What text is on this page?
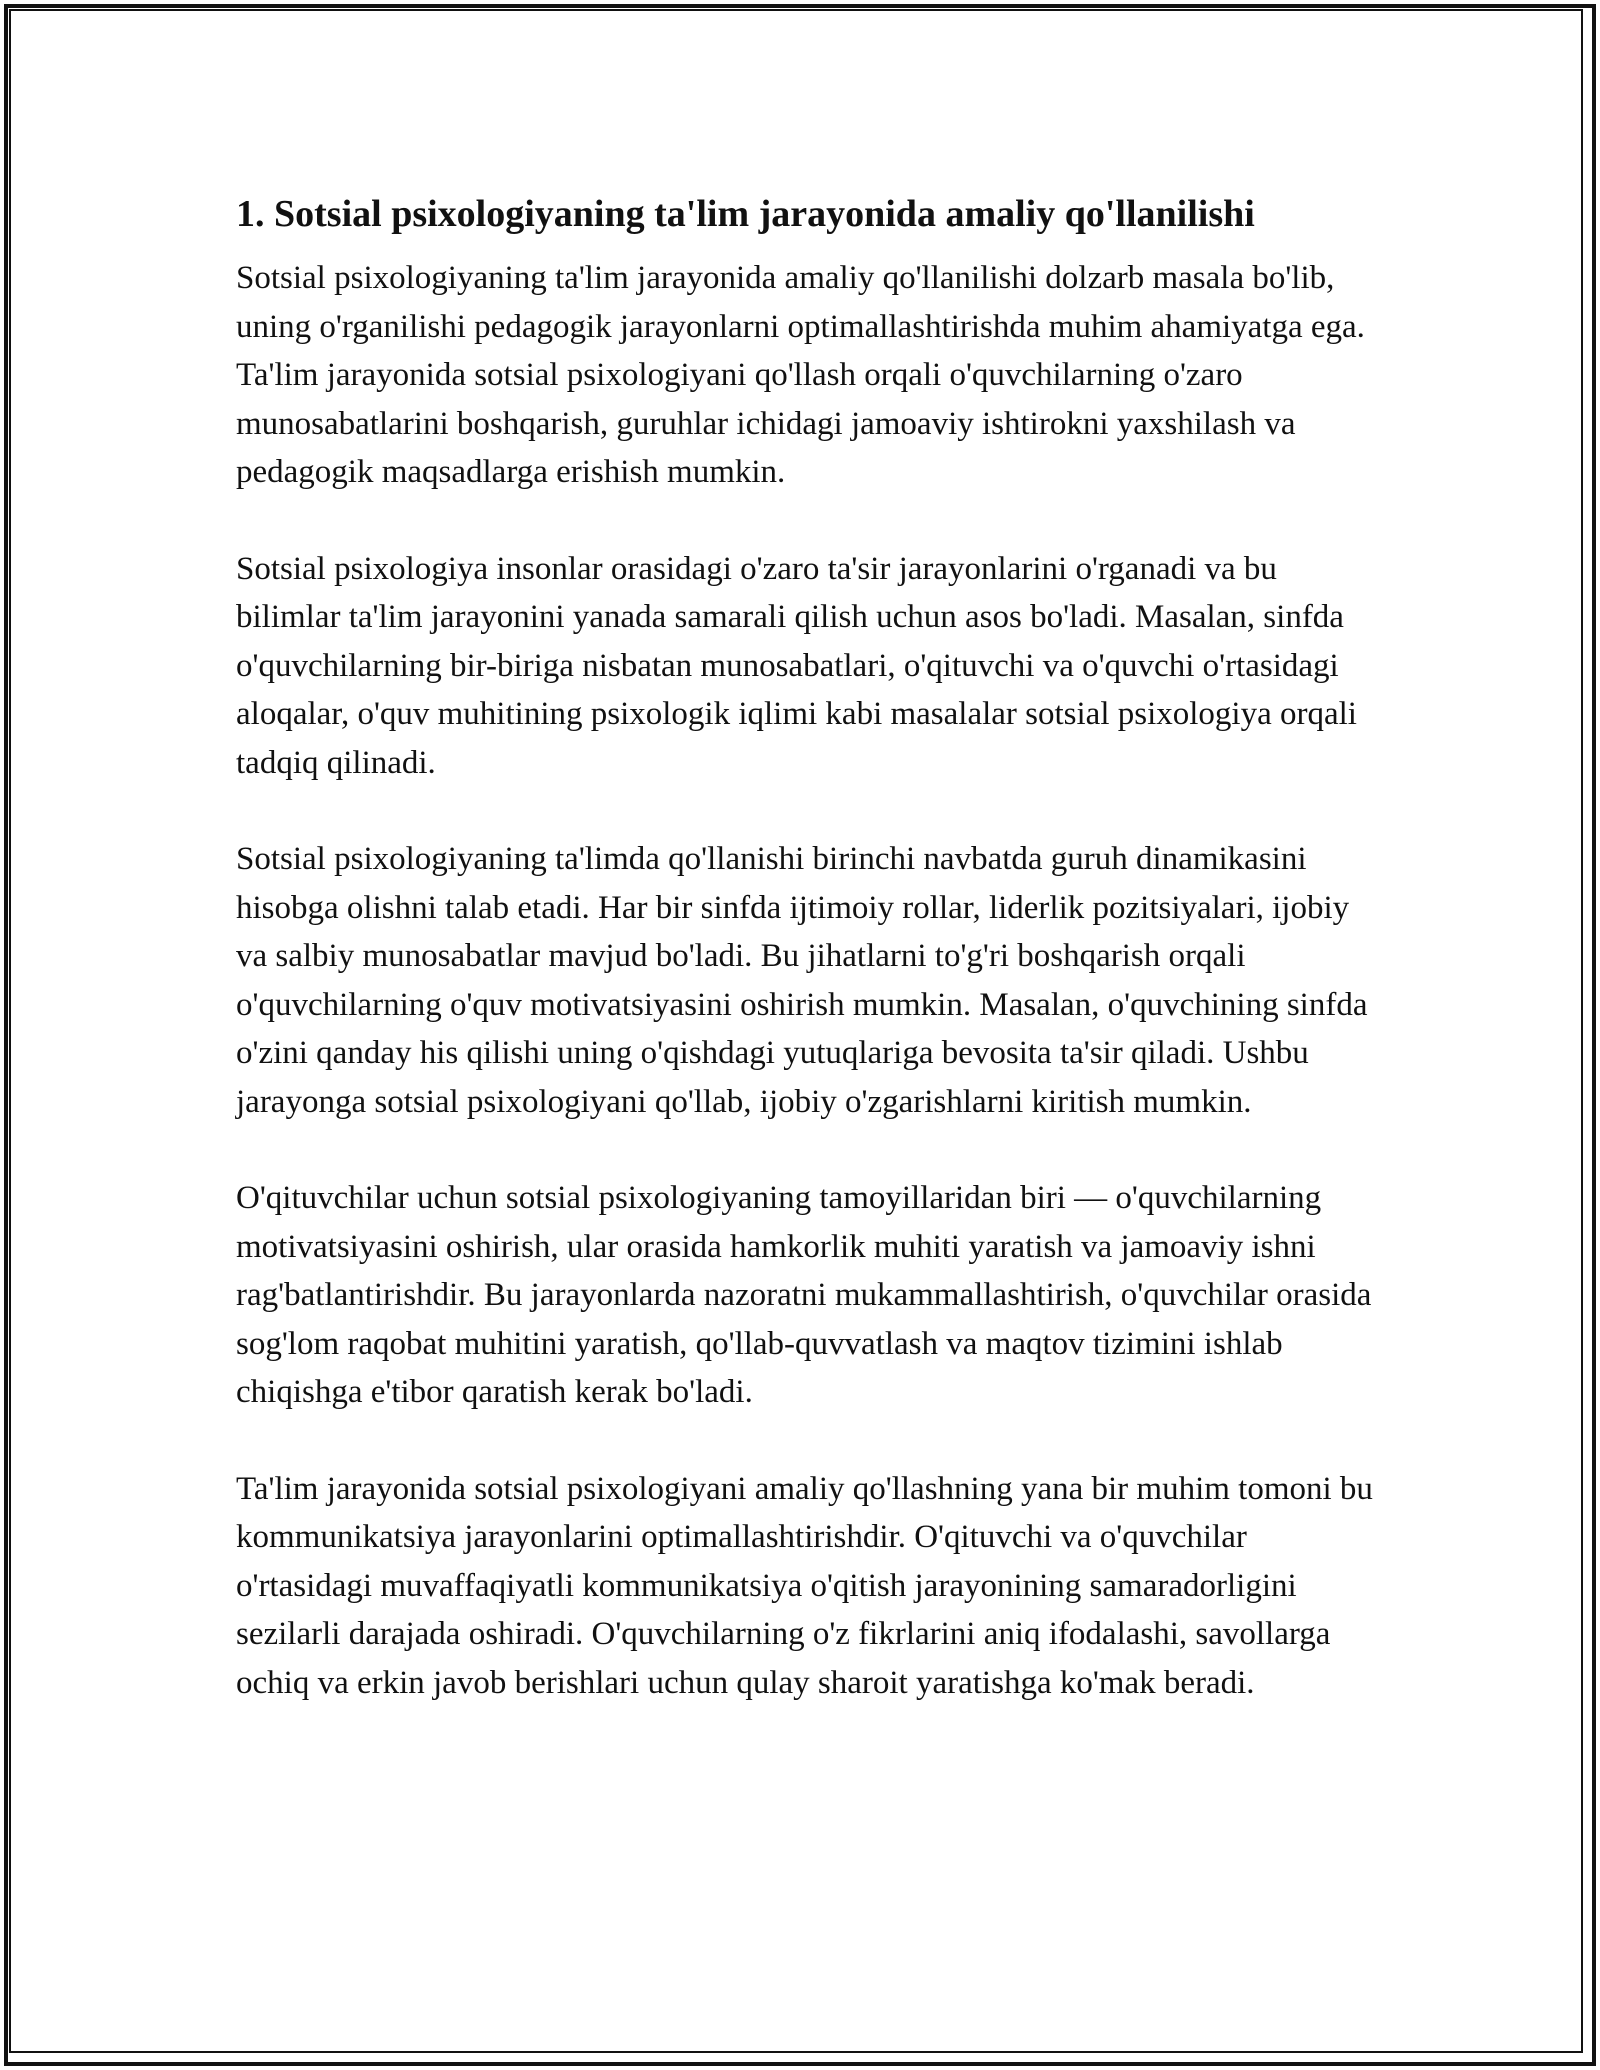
1. Sotsial psixologiyaning ta'lim jarayonida amaliy qo'llanilishi

Sotsial psixologiyaning ta'lim jarayonida amaliy qo'llanilishi dolzarb masala bo'lib, uning o'rganilishi pedagogik jarayonlarni optimallashtirishda muhim ahamiyatga ega. Ta'lim jarayonida sotsial psixologiyani qo'llash orqali o'quvchilarning o'zaro munosabatlarini boshqarish, guruhlar ichidagi jamoaviy ishtirokni yaxshilash va pedagogik maqsadlarga erishish mumkin.

Sotsial psixologiya insonlar orasidagi o'zaro ta'sir jarayonlarini o'rganadi va bu bilimlar ta'lim jarayonini yanada samarali qilish uchun asos bo'ladi. Masalan, sinfda o'quvchilarning bir-biriga nisbatan munosabatlari, o'qituvchi va o'quvchi o'rtasidagi aloqalar, o'quv muhitining psixologik iqlimi kabi masalalar sotsial psixologiya orqali tadqiq qilinadi.

Sotsial psixologiyaning ta'limda qo'llanishi birinchi navbatda guruh dinamikasini hisobga olishni talab etadi. Har bir sinfda ijtimoiy rollar, liderlik pozitsiyalari, ijobiy va salbiy munosabatlar mavjud bo'ladi. Bu jihatlarni to'g'ri boshqarish orqali o'quvchilarning o'quv motivatsiyasini oshirish mumkin. Masalan, o'quvchining sinfda o'zini qanday his qilishi uning o'qishdagi yutuqlariga bevosita ta'sir qiladi. Ushbu jarayonga sotsial psixologiyani qo'llab, ijobiy o'zgarishlarni kiritish mumkin.

O'qituvchilar uchun sotsial psixologiyaning tamoyillaridan biri — o'quvchilarning motivatsiyasini oshirish, ular orasida hamkorlik muhiti yaratish va jamoaviy ishni rag'batlantirishdir. Bu jarayonlarda nazoratni mukammallashtirish, o'quvchilar orasida sog'lom raqobat muhitini yaratish, qo'llab-quvvatlash va maqtov tizimini ishlab chiqishga e'tibor qaratish kerak bo'ladi.

Ta'lim jarayonida sotsial psixologiyani amaliy qo'llashning yana bir muhim tomoni bu kommunikatsiya jarayonlarini optimallashtirishdir. O'qituvchi va o'quvchilar o'rtasidagi muvaffaqiyatli kommunikatsiya o'qitish jarayonining samaradorligini sezilarli darajada oshiradi. O'quvchilarning o'z fikrlarini aniq ifodalashi, savollarga ochiq va erkin javob berishlari uchun qulay sharoit yaratishga ko'mak beradi.
